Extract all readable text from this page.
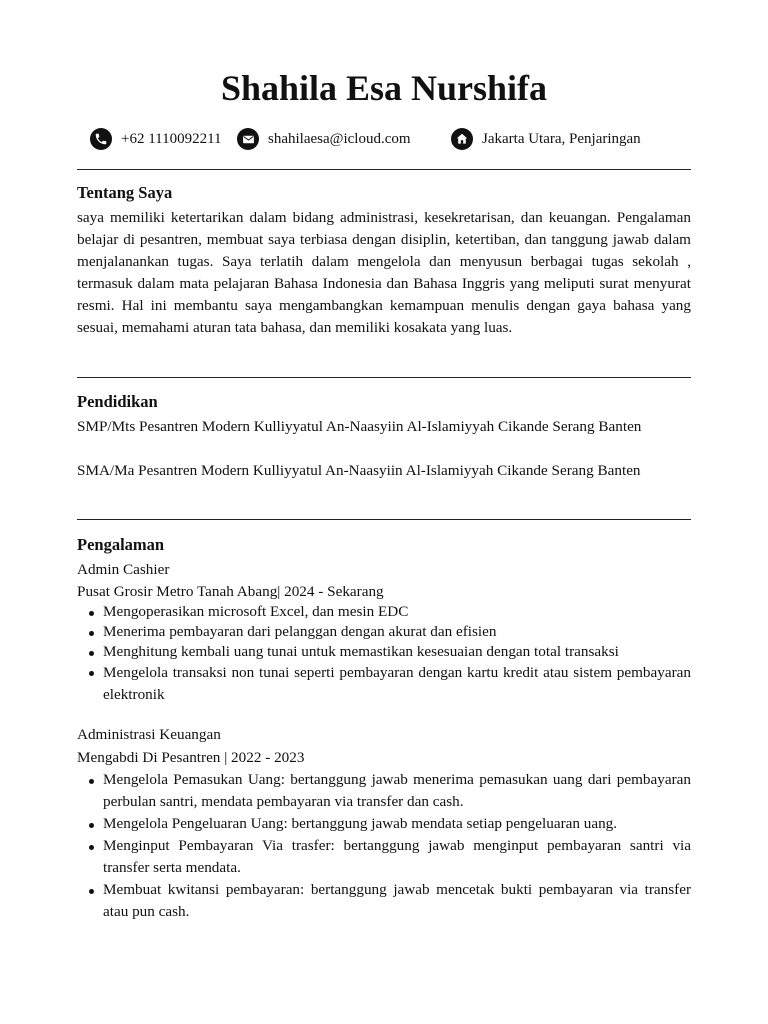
Shahila Esa Nurshifa
+62 1110092211	shahilaesa@icloud.com	Jakarta Utara, Penjaringan
Tentang Saya

saya memiliki ketertarikan dalam bidang administrasi, kesekretarisan, dan keuangan. Pengalaman belajar di pesantren, membuat saya terbiasa dengan disiplin, ketertiban, dan tanggung jawab dalam menjalanankan tugas. Saya terlatih dalam mengelola dan menyusun berbagai tugas sekolah , termasuk dalam mata pelajaran Bahasa Indonesia dan Bahasa Inggris yang meliputi surat menyurat resmi. Hal ini membantu saya mengambangkan kemampuan menulis dengan gaya bahasa yang sesuai, memahami aturan tata bahasa, dan memiliki kosakata yang luas.

Pendidikan

SMP/Mts Pesantren Modern Kulliyyatul An-Naasyiin Al-Islamiyyah Cikande Serang Banten

SMA/Ma Pesantren Modern Kulliyyatul An-Naasyiin Al-Islamiyyah Cikande Serang Banten

Pengalaman

Admin Cashier

Pusat Grosir Metro Tanah Abang| 2024 - Sekarang

Mengoperasikan microsoft Excel, dan mesin EDC
Menerima pembayaran dari pelanggan dengan akurat dan efisien
Menghitung kembali uang tunai untuk memastikan kesesuaian dengan total transaksi
Mengelola transaksi non tunai seperti pembayaran dengan kartu kredit atau sistem pembayaran elektronik

Administrasi Keuangan

Mengabdi Di Pesantren | 2022 - 2023

Mengelola Pemasukan Uang: bertanggung jawab menerima pemasukan uang dari pembayaran perbulan santri, mendata pembayaran via transfer dan cash.
Mengelola Pengeluaran Uang: bertanggung jawab mendata setiap pengeluaran uang.
Menginput Pembayaran Via trasfer: bertanggung jawab menginput pembayaran santri via transfer serta mendata.
Membuat kwitansi pembayaran: bertanggung jawab mencetak bukti pembayaran via transfer atau pun cash.
